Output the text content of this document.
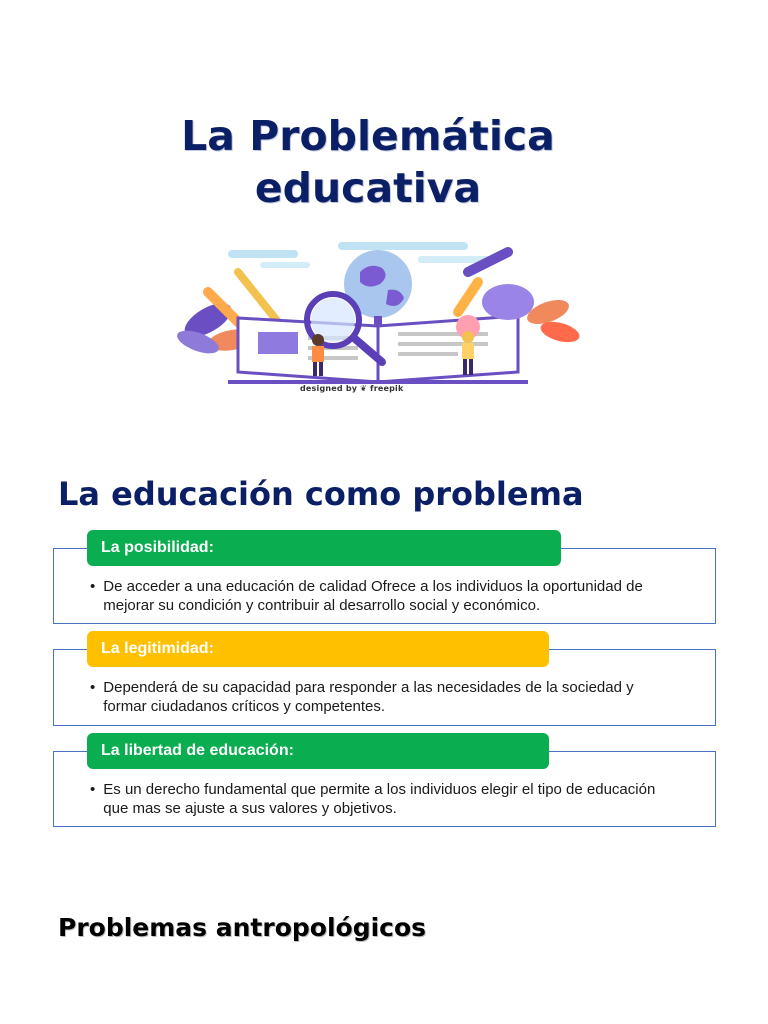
La Problemática
educativa
designed by ❦ freepik
La educación como problema
La posibilidad:
• De acceder a una educación de calidad Ofrece a los individuos la oportunidad de mejorar su condición y contribuir al desarrollo social y económico.
La legitimidad:
• Dependerá de su capacidad para responder a las necesidades de la sociedad y formar ciudadanos críticos y competentes.
La libertad de educación:
• Es un derecho fundamental que permite a los individuos elegir el tipo de educación que mas se ajuste a sus valores y objetivos.
Problemas antropológicos
